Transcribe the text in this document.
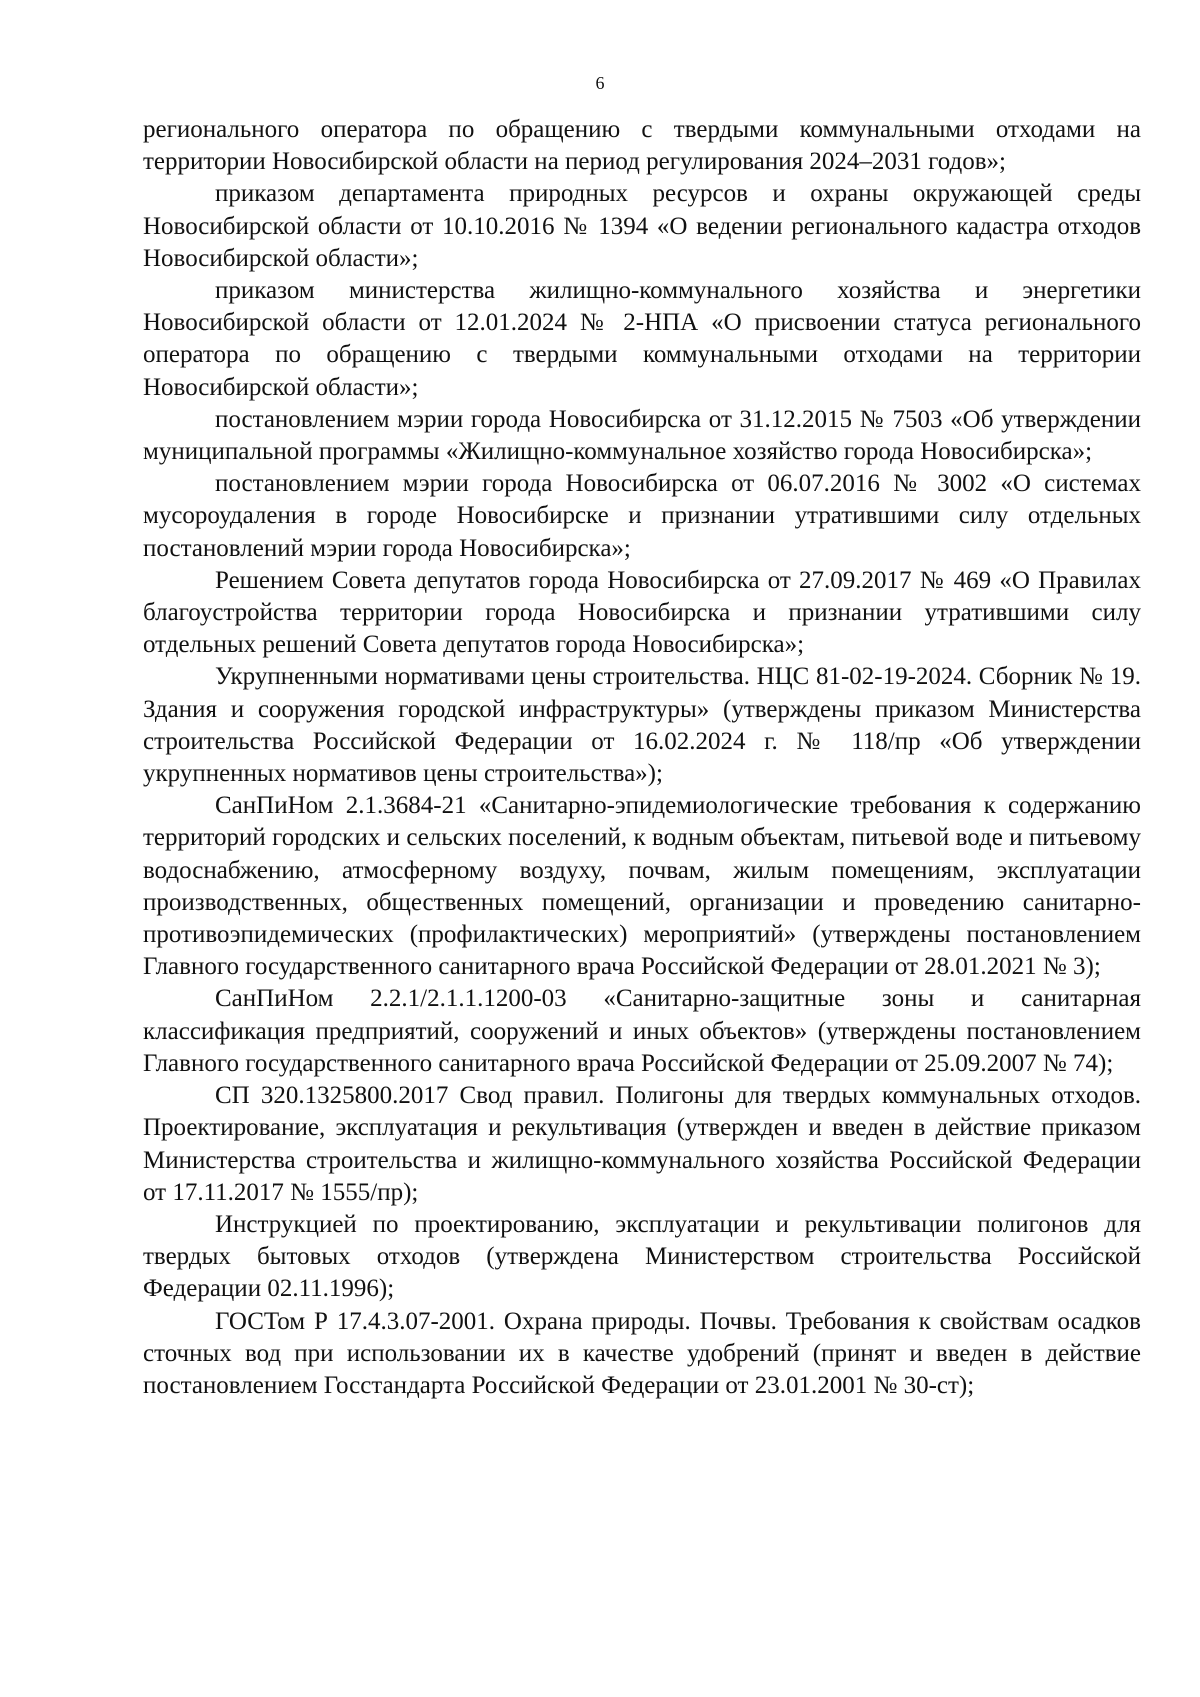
6

регионального оператора по обращению с твердыми коммунальными отходами на территории Новосибирской области на период регулирования 2024–2031 годов»;

приказом департамента природных ресурсов и охраны окружающей среды Новосибирской области от 10.10.2016 № 1394 «О ведении регионального кадастра отходов Новосибирской области»;

приказом министерства жилищно-коммунального хозяйства и энергетики Новосибирской области от 12.01.2024 № 2-НПА «О присвоении статуса регионального оператора по обращению с твердыми коммунальными отходами на территории Новосибирской области»;

постановлением мэрии города Новосибирска от 31.12.2015 № 7503 «Об утверждении муниципальной программы «Жилищно-коммунальное хозяйство города Новосибирска»;

постановлением мэрии города Новосибирска от 06.07.2016 № 3002 «О системах мусороудаления в городе Новосибирске и признании утратившими силу отдельных постановлений мэрии города Новосибирска»;

Решением Совета депутатов города Новосибирска от 27.09.2017 № 469 «О Правилах благоустройства территории города Новосибирска и признании утратившими силу отдельных решений Совета депутатов города Новосибирска»;

Укрупненными нормативами цены строительства. НЦС 81-02-19-2024. Сборник № 19. Здания и сооружения городской инфраструктуры» (утверждены приказом Министерства строительства Российской Федерации от 16.02.2024 г. № 118/пр «Об утверждении укрупненных нормативов цены строительства»);

СанПиНом 2.1.3684-21 «Санитарно-эпидемиологические требования к содержанию территорий городских и сельских поселений, к водным объектам, питьевой воде и питьевому водоснабжению, атмосферному воздуху, почвам, жилым помещениям, эксплуатации производственных, общественных помещений, организации и проведению санитарно-противоэпидемических (профилактических) мероприятий» (утверждены постановлением Главного государственного санитарного врача Российской Федерации от 28.01.2021 № 3);

СанПиНом 2.2.1/2.1.1.1200-03 «Санитарно-защитные зоны и санитарная классификация предприятий, сооружений и иных объектов» (утверждены постановлением Главного государственного санитарного врача Российской Федерации от 25.09.2007 № 74);

СП 320.1325800.2017 Свод правил. Полигоны для твердых коммунальных отходов. Проектирование, эксплуатация и рекультивация (утвержден и введен в действие приказом Министерства строительства и жилищно-коммунального хозяйства Российской Федерации от 17.11.2017 № 1555/пр);

Инструкцией по проектированию, эксплуатации и рекультивации полигонов для твердых бытовых отходов (утверждена Министерством строительства Российской Федерации 02.11.1996);

ГОСТом Р 17.4.3.07-2001. Охрана природы. Почвы. Требования к свойствам осадков сточных вод при использовании их в качестве удобрений (принят и введен в действие постановлением Госстандарта Российской Федерации от 23.01.2001 № 30-ст);
